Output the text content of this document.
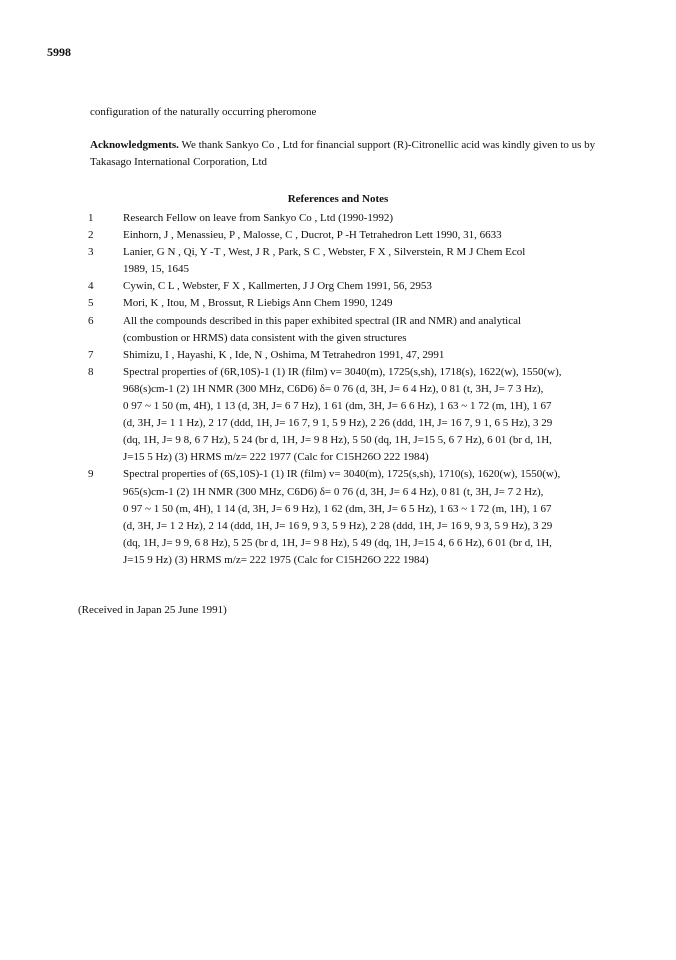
5998
configuration of the naturally occurring pheromone
Acknowledgments. We thank Sankyo Co , Ltd for financial support (R)-Citronellic acid was kindly given to us by Takasago International Corporation, Ltd
References and Notes
1	Research Fellow on leave from Sankyo Co , Ltd (1990-1992)
2	Einhorn, J , Menassieu, P , Malosse, C , Ducrot, P -H Tetrahedron Lett 1990, 31, 6633
3	Lanier, G N , Qi, Y -T , West, J R , Park, S C , Webster, F X , Silverstein, R M J Chem Ecol
1989, 15, 1645
4	Cywin, C L , Webster, F X , Kallmerten, J J Org Chem 1991, 56, 2953
5	Mori, K , Itou, M , Brossut, R Liebigs Ann Chem 1990, 1249
6	All the compounds described in this paper exhibited spectral (IR and NMR) and analytical
(combustion or HRMS) data consistent with the given structures
7	Shimizu, I , Hayashi, K , Ide, N , Oshima, M Tetrahedron 1991, 47, 2991
8	Spectral properties of (6R,10S)-1 (1) IR (film) v= 3040(m), 1725(s,sh), 1718(s), 1622(w), 1550(w),
968(s)cm-1 (2) 1H NMR (300 MHz, C6D6) δ= 0 76 (d, 3H, J= 6 4 Hz), 0 81 (t, 3H, J= 7 3 Hz),
0 97 ~ 1 50 (m, 4H), 1 13 (d, 3H, J= 6 7 Hz), 1 61 (dm, 3H, J= 6 6 Hz), 1 63 ~ 1 72 (m, 1H), 1 67
(d, 3H, J= 1 1 Hz), 2 17 (ddd, 1H, J= 16 7, 9 1, 5 9 Hz), 2 26 (ddd, 1H, J= 16 7, 9 1, 6 5 Hz), 3 29
(dq, 1H, J= 9 8, 6 7 Hz), 5 24 (br d, 1H, J= 9 8 Hz), 5 50 (dq, 1H, J=15 5, 6 7 Hz), 6 01 (br d, 1H,
J=15 5 Hz) (3) HRMS m/z= 222 1977 (Calc for C15H26O 222 1984)
9	Spectral properties of (6S,10S)-1 (1) IR (film) v= 3040(m), 1725(s,sh), 1710(s), 1620(w), 1550(w),
965(s)cm-1 (2) 1H NMR (300 MHz, C6D6) δ= 0 76 (d, 3H, J= 6 4 Hz), 0 81 (t, 3H, J= 7 2 Hz),
0 97 ~ 1 50 (m, 4H), 1 14 (d, 3H, J= 6 9 Hz), 1 62 (dm, 3H, J= 6 5 Hz), 1 63 ~ 1 72 (m, 1H), 1 67
(d, 3H, J= 1 2 Hz), 2 14 (ddd, 1H, J= 16 9, 9 3, 5 9 Hz), 2 28 (ddd, 1H, J= 16 9, 9 3, 5 9 Hz), 3 29
(dq, 1H, J= 9 9, 6 8 Hz), 5 25 (br d, 1H, J= 9 8 Hz), 5 49 (dq, 1H, J=15 4, 6 6 Hz), 6 01 (br d, 1H,
J=15 9 Hz) (3) HRMS m/z= 222 1975 (Calc for C15H26O 222 1984)
(Received in Japan 25 June 1991)
